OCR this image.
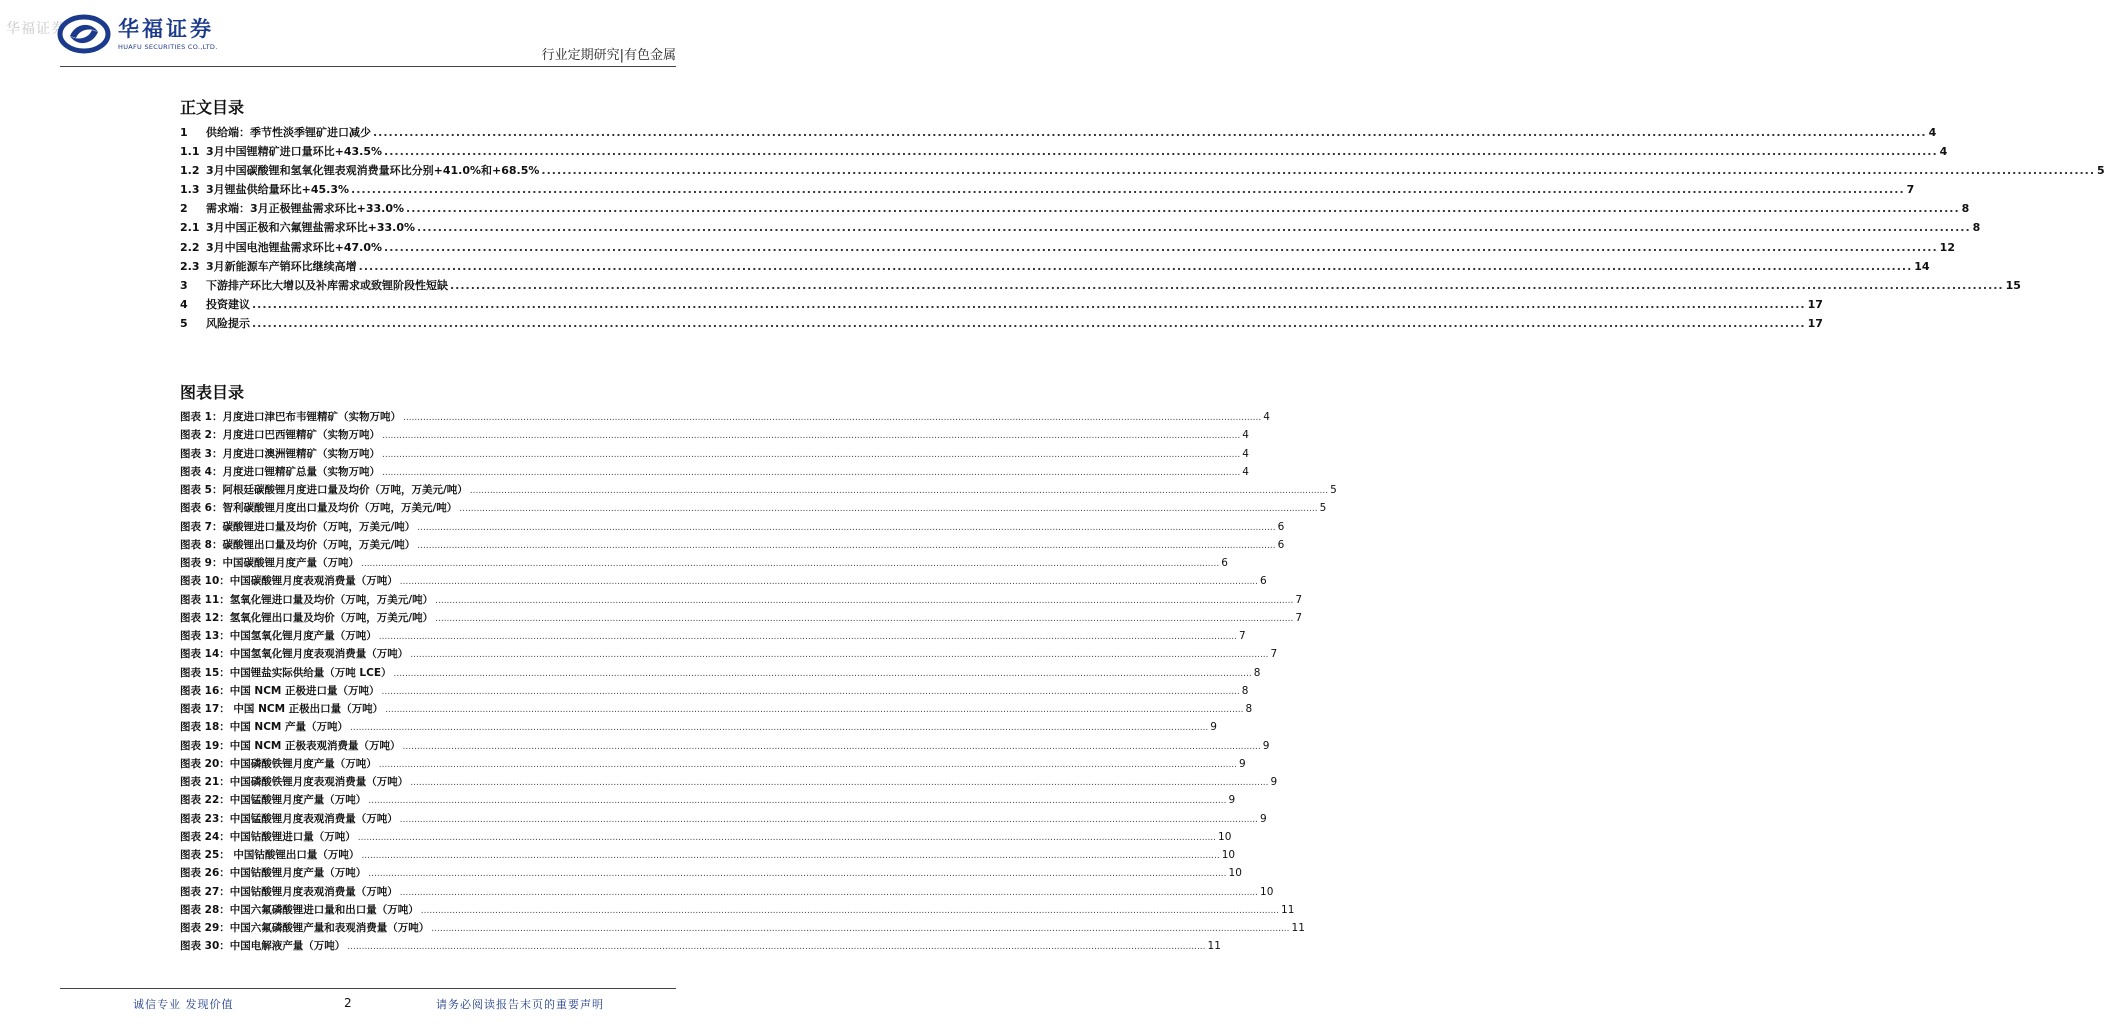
华福证券 华福证券
HUAFU SECURITIES CO.,LTD.
行业定期研究|有色金属
正文目录
1	供给端：季节性淡季锂矿进口减少 ............................................................................................................................................................................................................................................................................................................ 4
1.1 3月中国锂精矿进口量环比+43.5% ............................................................................................................................................................................................................................................................................................................ 4
1.2 3月中国碳酸锂和氢氧化锂表观消费量环比分别+41.0%和+68.5% ............................................................................................................................................................................................................................................................................................................ 5
1.3 3月锂盐供给量环比+45.3% ............................................................................................................................................................................................................................................................................................................ 7
2	需求端：3月正极锂盐需求环比+33.0% ............................................................................................................................................................................................................................................................................................................ 8
2.1 3月中国正极和六氟锂盐需求环比+33.0% ............................................................................................................................................................................................................................................................................................................ 8
2.2 3月中国电池锂盐需求环比+47.0% ............................................................................................................................................................................................................................................................................................................ 12
2.3 3月新能源车产销环比继续高增 ............................................................................................................................................................................................................................................................................................................ 14
3	下游排产环比大增以及补库需求或致锂阶段性短缺 ............................................................................................................................................................................................................................................................................................................ 15
4	投资建议 ............................................................................................................................................................................................................................................................................................................ 17
5	风险提示 ............................................................................................................................................................................................................................................................................................................ 17
图表目录
图表 1：月度进口津巴布韦锂精矿（实物万吨） ............................................................................................................................................................................................................................................................................................................ 4
图表 2：月度进口巴西锂精矿（实物万吨） ............................................................................................................................................................................................................................................................................................................ 4
图表 3：月度进口澳洲锂精矿（实物万吨） ............................................................................................................................................................................................................................................................................................................ 4
图表 4：月度进口锂精矿总量（实物万吨） ............................................................................................................................................................................................................................................................................................................ 4
图表 5：阿根廷碳酸锂月度进口量及均价（万吨，万美元/吨） ............................................................................................................................................................................................................................................................................................................ 5
图表 6：智利碳酸锂月度出口量及均价（万吨，万美元/吨） ............................................................................................................................................................................................................................................................................................................ 5
图表 7：碳酸锂进口量及均价（万吨，万美元/吨） ............................................................................................................................................................................................................................................................................................................ 6
图表 8：碳酸锂出口量及均价（万吨，万美元/吨） ............................................................................................................................................................................................................................................................................................................ 6
图表 9：中国碳酸锂月度产量（万吨） ............................................................................................................................................................................................................................................................................................................ 6
图表 10：中国碳酸锂月度表观消费量（万吨） ............................................................................................................................................................................................................................................................................................................ 6
图表 11：氢氧化锂进口量及均价（万吨，万美元/吨） ............................................................................................................................................................................................................................................................................................................ 7
图表 12：氢氧化锂出口量及均价（万吨，万美元/吨） ............................................................................................................................................................................................................................................................................................................ 7
图表 13：中国氢氧化锂月度产量（万吨） ............................................................................................................................................................................................................................................................................................................ 7
图表 14：中国氢氧化锂月度表观消费量（万吨） ............................................................................................................................................................................................................................................................................................................ 7
图表 15：中国锂盐实际供给量（万吨 LCE） ............................................................................................................................................................................................................................................................................................................ 8
图表 16：中国 NCM 正极进口量（万吨） ............................................................................................................................................................................................................................................................................................................ 8
图表 17： 中国 NCM 正极出口量（万吨） ............................................................................................................................................................................................................................................................................................................ 8
图表 18：中国 NCM 产量（万吨） ............................................................................................................................................................................................................................................................................................................ 9
图表 19：中国 NCM 正极表观消费量（万吨） ............................................................................................................................................................................................................................................................................................................ 9
图表 20：中国磷酸铁锂月度产量（万吨） ............................................................................................................................................................................................................................................................................................................ 9
图表 21：中国磷酸铁锂月度表观消费量（万吨） ............................................................................................................................................................................................................................................................................................................ 9
图表 22：中国锰酸锂月度产量（万吨） ............................................................................................................................................................................................................................................................................................................ 9
图表 23：中国锰酸锂月度表观消费量（万吨） ............................................................................................................................................................................................................................................................................................................ 9
图表 24：中国钴酸锂进口量（万吨） ............................................................................................................................................................................................................................................................................................................ 10
图表 25： 中国钴酸锂出口量（万吨） ............................................................................................................................................................................................................................................................................................................ 10
图表 26：中国钴酸锂月度产量（万吨） ............................................................................................................................................................................................................................................................................................................ 10
图表 27：中国钴酸锂月度表观消费量（万吨） ............................................................................................................................................................................................................................................................................................................ 10
图表 28：中国六氟磷酸锂进口量和出口量（万吨） ............................................................................................................................................................................................................................................................................................................ 11
图表 29：中国六氟磷酸锂产量和表观消费量（万吨） ............................................................................................................................................................................................................................................................................................................ 11
图表 30：中国电解液产量（万吨） ............................................................................................................................................................................................................................................................................................................ 11
诚信专业 发现价值	2	请务必阅读报告末页的重要声明
